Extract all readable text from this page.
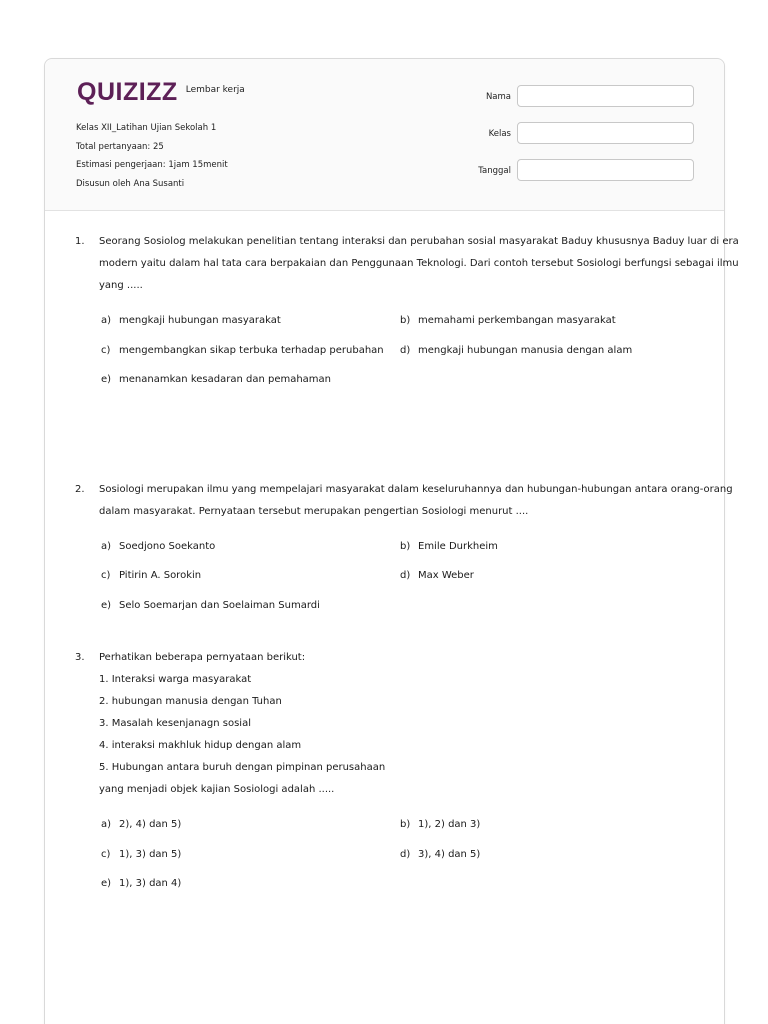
QUIZIZZ Lembar kerja
Kelas XII_Latihan Ujian Sekolah 1
Total pertanyaan: 25
Estimasi pengerjaan: 1jam 15menit
Disusun oleh Ana Susanti
Nama
Kelas
Tanggal
1.	Seorang Sosiolog melakukan penelitian tentang interaksi dan perubahan sosial masyarakat Baduy khususnya Baduy luar di era
modern yaitu dalam hal tata cara berpakaian dan Penggunaan Teknologi. Dari contoh tersebut Sosiologi berfungsi sebagai ilmu
yang .....
a) mengkaji hubungan masyarakat	b) memahami perkembangan masyarakat
c) mengembangkan sikap terbuka terhadap perubahan d) mengkaji hubungan manusia dengan alam
e) menanamkan kesadaran dan pemahaman
2.	Sosiologi merupakan ilmu yang mempelajari masyarakat dalam keseluruhannya dan hubungan-hubungan antara orang-orang
dalam masyarakat. Pernyataan tersebut merupakan pengertian Sosiologi menurut ....
a) Soedjono Soekanto	b) Emile Durkheim
c) Pitirin A. Sorokin	d) Max Weber
e) Selo Soemarjan dan Soelaiman Sumardi
3.	Perhatikan beberapa pernyataan berikut:
1. Interaksi warga masyarakat
2. hubungan manusia dengan Tuhan
3. Masalah kesenjanagn sosial
4. interaksi makhluk hidup dengan alam
5. Hubungan antara buruh dengan pimpinan perusahaan
yang menjadi objek kajian Sosiologi adalah .....
a) 2), 4) dan 5)	b) 1), 2) dan 3)
c) 1), 3) dan 5)	d) 3), 4) dan 5)
e) 1), 3) dan 4)
